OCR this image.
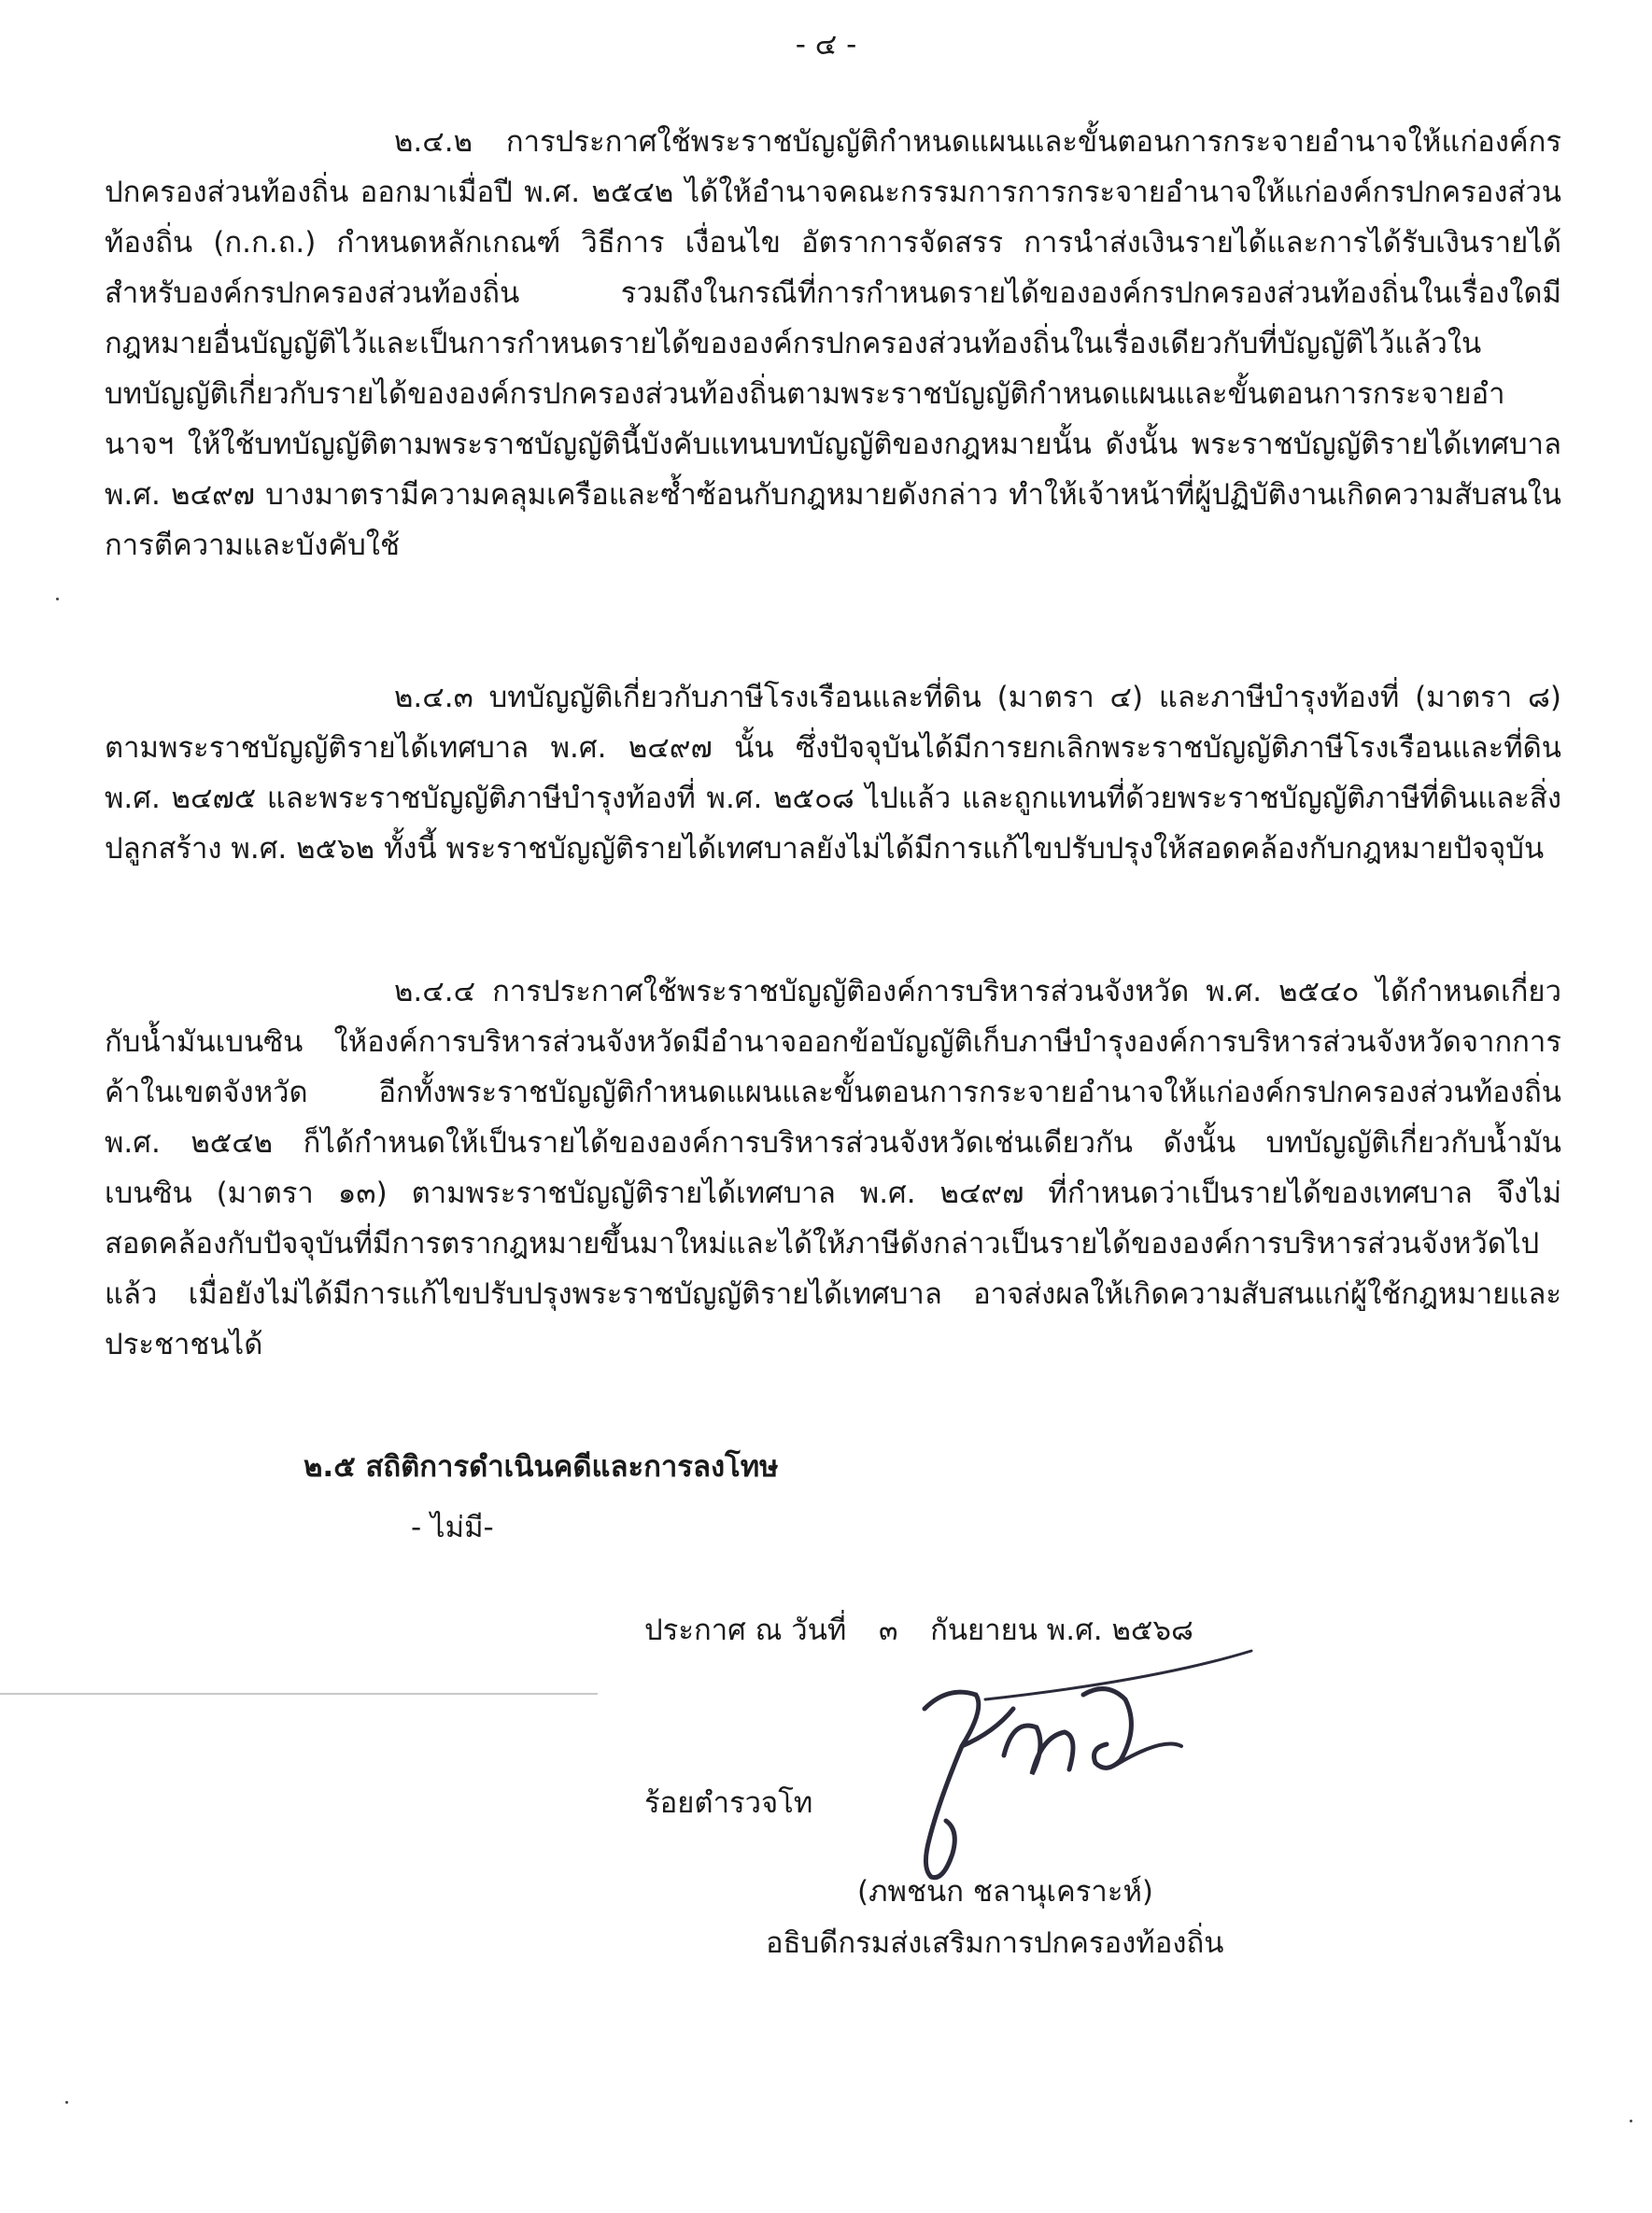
- ๔ -

๒.๔.๒ การประกาศใช้พระราชบัญญัติกำหนดแผนและขั้นตอนการกระจายอำนาจให้แก่องค์กรปกครองส่วนท้องถิ่น ออกมาเมื่อปี พ.ศ. ๒๕๔๒ ได้ให้อำนาจคณะกรรมการการกระจายอำนาจให้แก่องค์กรปกครองส่วนท้องถิ่น (ก.ก.ถ.) กำหนดหลักเกณฑ์ วิธีการ เงื่อนไข อัตราการจัดสรร การนำส่งเงินรายได้และการได้รับเงินรายได้สำหรับองค์กรปกครองส่วนท้องถิ่น รวมถึงในกรณีที่การกำหนดรายได้ขององค์กรปกครองส่วนท้องถิ่นในเรื่องใดมีกฎหมายอื่นบัญญัติไว้และเป็นการกำหนดรายได้ขององค์กรปกครองส่วนท้องถิ่นในเรื่องเดียวกับที่บัญญัติไว้แล้วในบทบัญญัติเกี่ยวกับรายได้ขององค์กรปกครองส่วนท้องถิ่นตามพระราชบัญญัติกำหนดแผนและขั้นตอนการกระจายอำนาจฯ ให้ใช้บทบัญญัติตามพระราชบัญญัตินี้บังคับแทนบทบัญญัติของกฎหมายนั้น ดังนั้น พระราชบัญญัติรายได้เทศบาล พ.ศ. ๒๔๙๗ บางมาตรามีความคลุมเครือและซ้ำซ้อนกับกฎหมายดังกล่าว ทำให้เจ้าหน้าที่ผู้ปฏิบัติงานเกิดความสับสนในการตีความและบังคับใช้

๒.๔.๓ บทบัญญัติเกี่ยวกับภาษีโรงเรือนและที่ดิน (มาตรา ๔) และภาษีบำรุงท้องที่ (มาตรา ๘) ตามพระราชบัญญัติรายได้เทศบาล พ.ศ. ๒๔๙๗ นั้น ซึ่งปัจจุบันได้มีการยกเลิกพระราชบัญญัติภาษีโรงเรือนและที่ดิน พ.ศ. ๒๔๗๕ และพระราชบัญญัติภาษีบำรุงท้องที่ พ.ศ. ๒๕๐๘ ไปแล้ว และถูกแทนที่ด้วยพระราชบัญญัติภาษีที่ดินและสิ่งปลูกสร้าง พ.ศ. ๒๕๖๒ ทั้งนี้ พระราชบัญญัติรายได้เทศบาลยังไม่ได้มีการแก้ไขปรับปรุงให้สอดคล้องกับกฎหมายปัจจุบัน

๒.๔.๔ การประกาศใช้พระราชบัญญัติองค์การบริหารส่วนจังหวัด พ.ศ. ๒๕๔๐ ได้กำหนดเกี่ยวกับน้ำมันเบนซิน ให้องค์การบริหารส่วนจังหวัดมีอำนาจออกข้อบัญญัติเก็บภาษีบำรุงองค์การบริหารส่วนจังหวัดจากการค้าในเขตจังหวัด อีกทั้งพระราชบัญญัติกำหนดแผนและขั้นตอนการกระจายอำนาจให้แก่องค์กรปกครองส่วนท้องถิ่น พ.ศ. ๒๕๔๒ ก็ได้กำหนดให้เป็นรายได้ขององค์การบริหารส่วนจังหวัดเช่นเดียวกัน ดังนั้น บทบัญญัติเกี่ยวกับน้ำมันเบนซิน (มาตรา ๑๓) ตามพระราชบัญญัติรายได้เทศบาล พ.ศ. ๒๔๙๗ ที่กำหนดว่าเป็นรายได้ของเทศบาล จึงไม่สอดคล้องกับปัจจุบันที่มีการตรากฎหมายขึ้นมาใหม่และได้ให้ภาษีดังกล่าวเป็นรายได้ขององค์การบริหารส่วนจังหวัดไปแล้ว เมื่อยังไม่ได้มีการแก้ไขปรับปรุงพระราชบัญญัติรายได้เทศบาล อาจส่งผลให้เกิดความสับสนแก่ผู้ใช้กฎหมายและประชาชนได้

๒.๕ สถิติการดำเนินคดีและการลงโทษ
- ไม่มี-
ประกาศ ณ วันที่ ๓ กันยายน พ.ศ. ๒๕๖๘
ร้อยตำรวจโท
(ภพชนก ชลานุเคราะห์)
อธิบดีกรมส่งเสริมการปกครองท้องถิ่น
